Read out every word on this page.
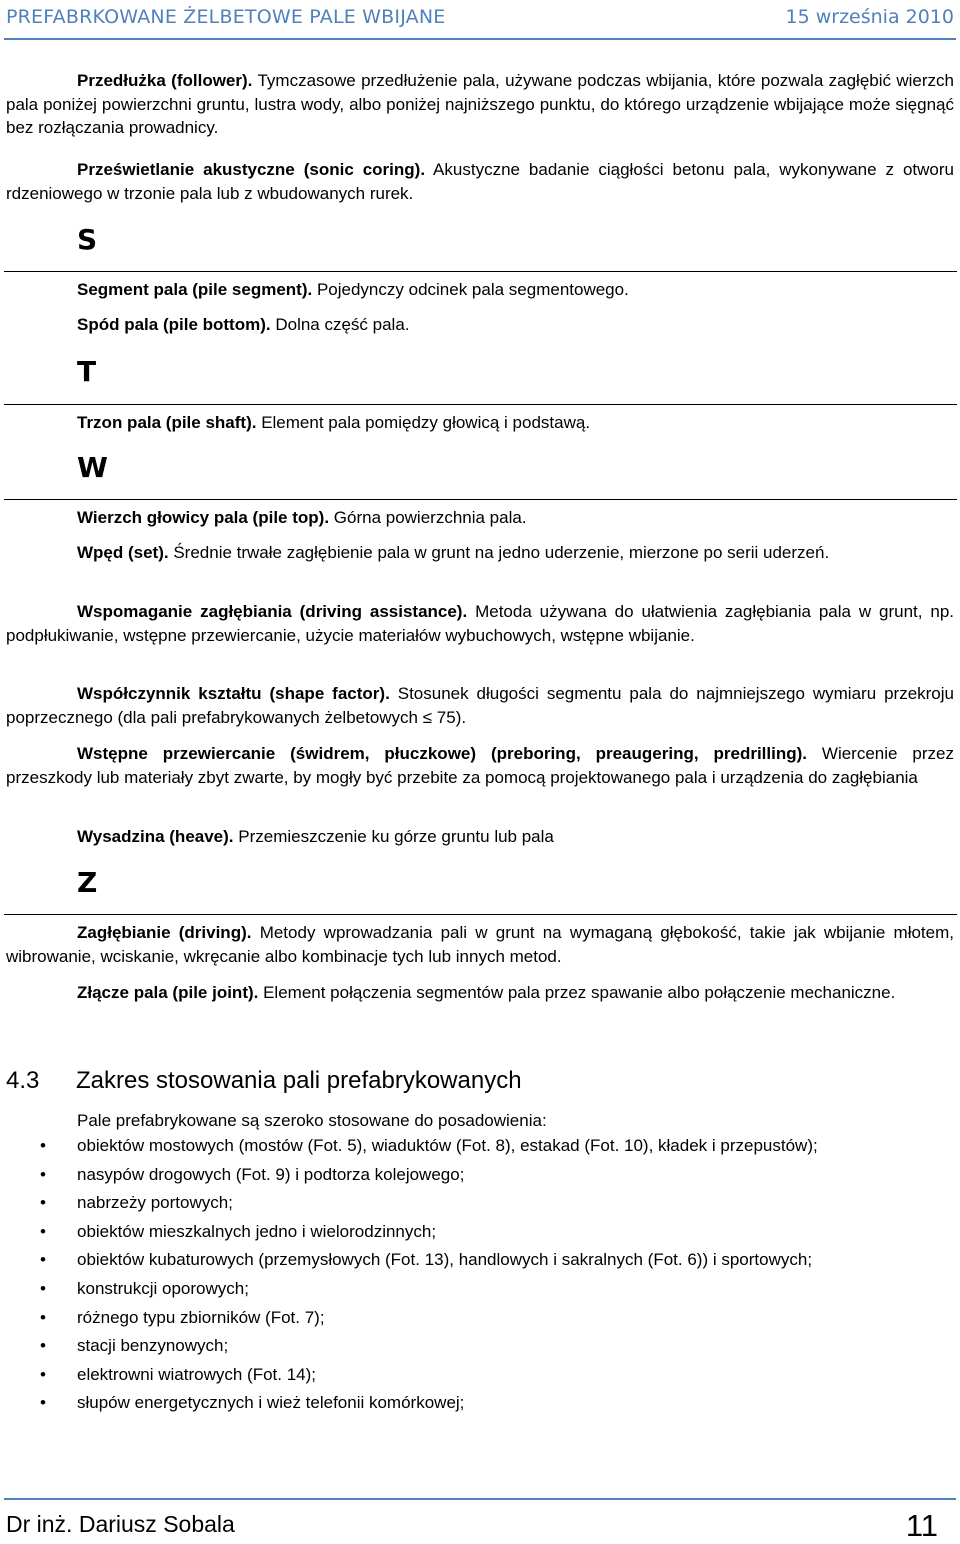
PREFABRKOWANE ŻELBETOWE PALE WBIJANE	15 września 2010
Przedłużka (follower). Tymczasowe przedłużenie pala, używane podczas wbijania, które pozwala zagłębić wierzch pala poniżej powierzchni gruntu, lustra wody, albo poniżej najniższego punktu, do którego urządzenie wbijające może sięgnąć bez rozłączania prowadnicy.
Prześwietlanie akustyczne (sonic coring). Akustyczne badanie ciągłości betonu pala, wykonywane z otworu rdzeniowego w trzonie pala lub z wbudowanych rurek.
S
Segment pala (pile segment). Pojedynczy odcinek pala segmentowego.
Spód pala (pile bottom). Dolna część pala.
T
Trzon pala (pile shaft). Element pala pomiędzy głowicą i podstawą.
W
Wierzch głowicy pala (pile top). Górna powierzchnia pala.
Wpęd (set). Średnie trwałe zagłębienie pala w grunt na jedno uderzenie, mierzone po serii uderzeń.
Wspomaganie zagłębiania (driving assistance). Metoda używana do ułatwienia zagłębiania pala w grunt, np. podpłukiwanie, wstępne przewiercanie, użycie materiałów wybuchowych, wstępne wbijanie.
Współczynnik kształtu (shape factor). Stosunek długości segmentu pala do najmniejszego wymiaru przekroju poprzecznego (dla pali prefabrykowanych żelbetowych ≤ 75).
Wstępne przewiercanie (świdrem, płuczkowe) (preboring, preaugering, predrilling). Wiercenie przez przeszkody lub materiały zbyt zwarte, by mogły być przebite za pomocą projektowanego pala i urządzenia do zagłębiania
Wysadzina (heave). Przemieszczenie ku górze gruntu lub pala
Z
Zagłębianie (driving). Metody wprowadzania pali w grunt na wymaganą głębokość, takie jak wbijanie młotem, wibrowanie, wciskanie, wkręcanie albo kombinacje tych lub innych metod.
Złącze pala (pile joint). Element połączenia segmentów pala przez spawanie albo połączenie mechaniczne.
4.3 Zakres stosowania pali prefabrykowanych
Pale prefabrykowane są szeroko stosowane do posadowienia:
• obiektów mostowych (mostów (Fot. 5), wiaduktów (Fot. 8), estakad (Fot. 10), kładek i przepustów);
• nasypów drogowych (Fot. 9) i podtorza kolejowego;
• nabrzeży portowych;
• obiektów mieszkalnych jedno i wielorodzinnych;
• obiektów kubaturowych (przemysłowych (Fot. 13), handlowych i sakralnych (Fot. 6)) i sportowych;
• konstrukcji oporowych;
• różnego typu zbiorników (Fot. 7);
• stacji benzynowych;
• elektrowni wiatrowych (Fot. 14);
• słupów energetycznych i wież telefonii komórkowej;
Dr inż. Dariusz Sobala	11
